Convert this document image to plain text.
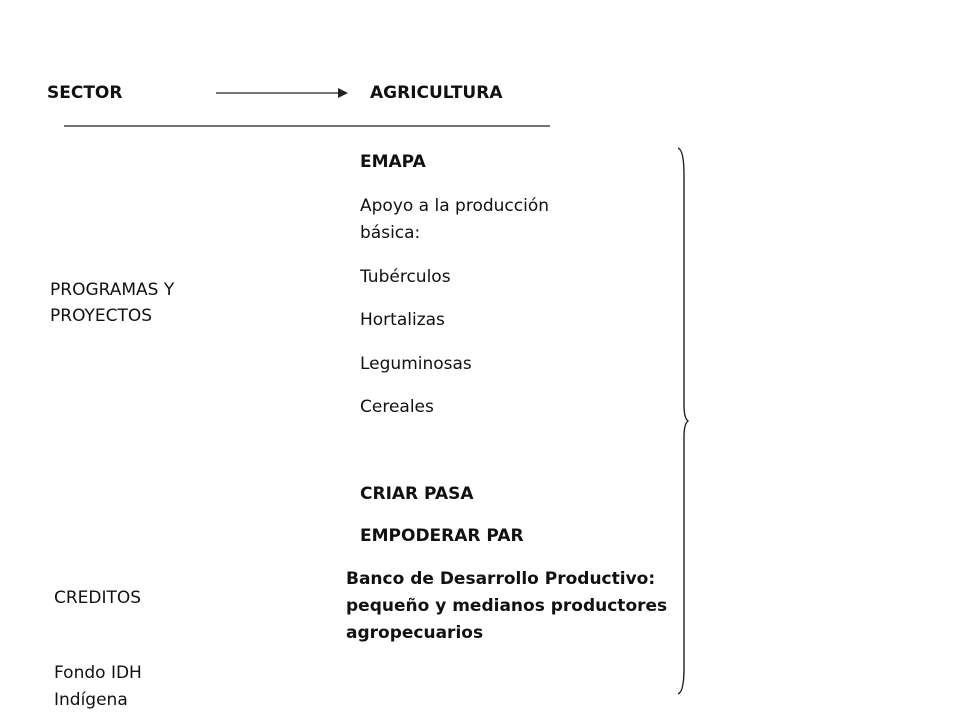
SECTOR	AGRICULTURA
PROGRAMAS Y
PROYECTOS
CREDITOS
Fondo IDH
Indígena
EMAPA
Apoyo a la producción
básica:
Tubérculos
Hortalizas
Leguminosas
Cereales
CRIAR PASA
EMPODERAR PAR
Banco de Desarrollo Productivo:
pequeño y medianos productores
agropecuarios
